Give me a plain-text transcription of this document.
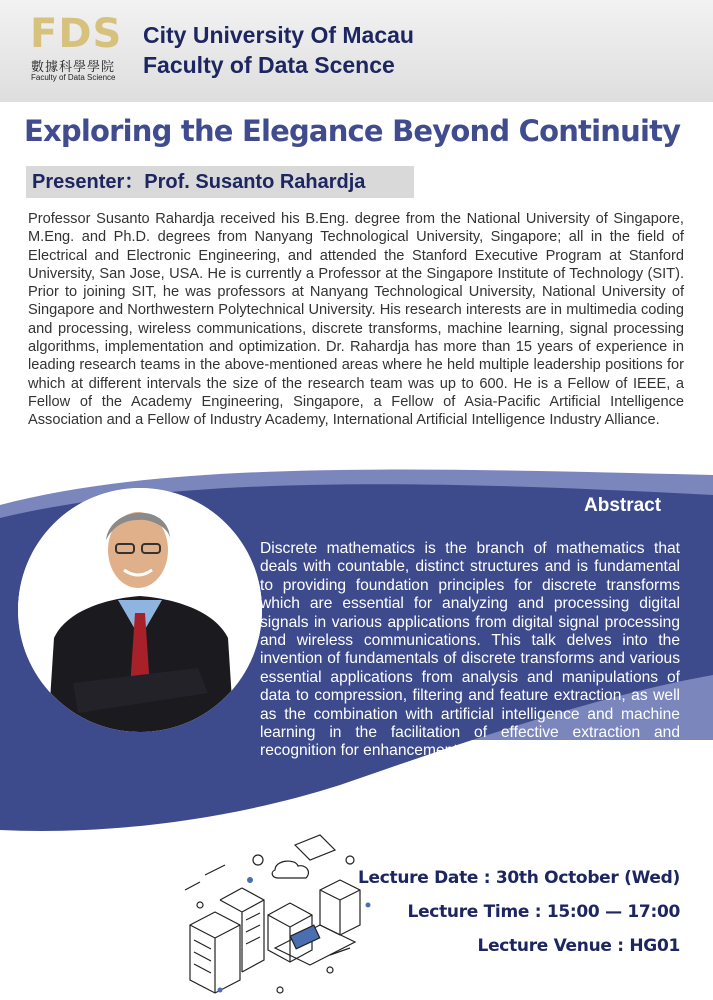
FDS
數據科學學院
Faculty of Data Science
City University Of Macau
Faculty of Data Scence
Exploring the Elegance Beyond Continuity
Presenter：Prof. Susanto Rahardja
Professor Susanto Rahardja received his B.Eng. degree from the National University of Singapore, M.Eng. and Ph.D. degrees from Nanyang Technological University, Singapore; all in the field of Electrical and Electronic Engineering, and attended the Stanford Executive Program at Stanford University, San Jose, USA. He is currently a Professor at the Singapore Institute of Technology (SIT). Prior to joining SIT, he was professors at Nanyang Technological University, National University of Singapore and Northwestern Polytechnical University. His research interests are in multimedia coding and processing, wireless communications, discrete transforms, machine learning, signal processing algorithms, implementation and optimization. Dr. Rahardja has more than 15 years of experience in leading research teams in the above-mentioned areas where he held multiple leadership positions for which at different intervals the size of the research team was up to 600. He is a Fellow of IEEE, a Fellow of the Academy Engineering, Singapore, a Fellow of Asia-Pacific Artificial Intelligence Association and a Fellow of Industry Academy, International Artificial Intelligence Industry Alliance.
Abstract
Discrete mathematics is the branch of mathematics that deals with countable, distinct structures and is fundamental to providing foundation principles for discrete transforms which are essential for analyzing and processing digital signals in various applications from digital signal processing and wireless communications. This talk delves into the invention of fundamentals of discrete transforms and various essential applications from analysis and manipulations of data to compression, filtering and feature extraction, as well as the combination with artificial intelligence and machine learning in the facilitation of effective extraction and recognition for enhancement of performance.
Lecture Date : 30th October (Wed)
Lecture Time : 15:00 — 17:00
Lecture Venue : HG01
